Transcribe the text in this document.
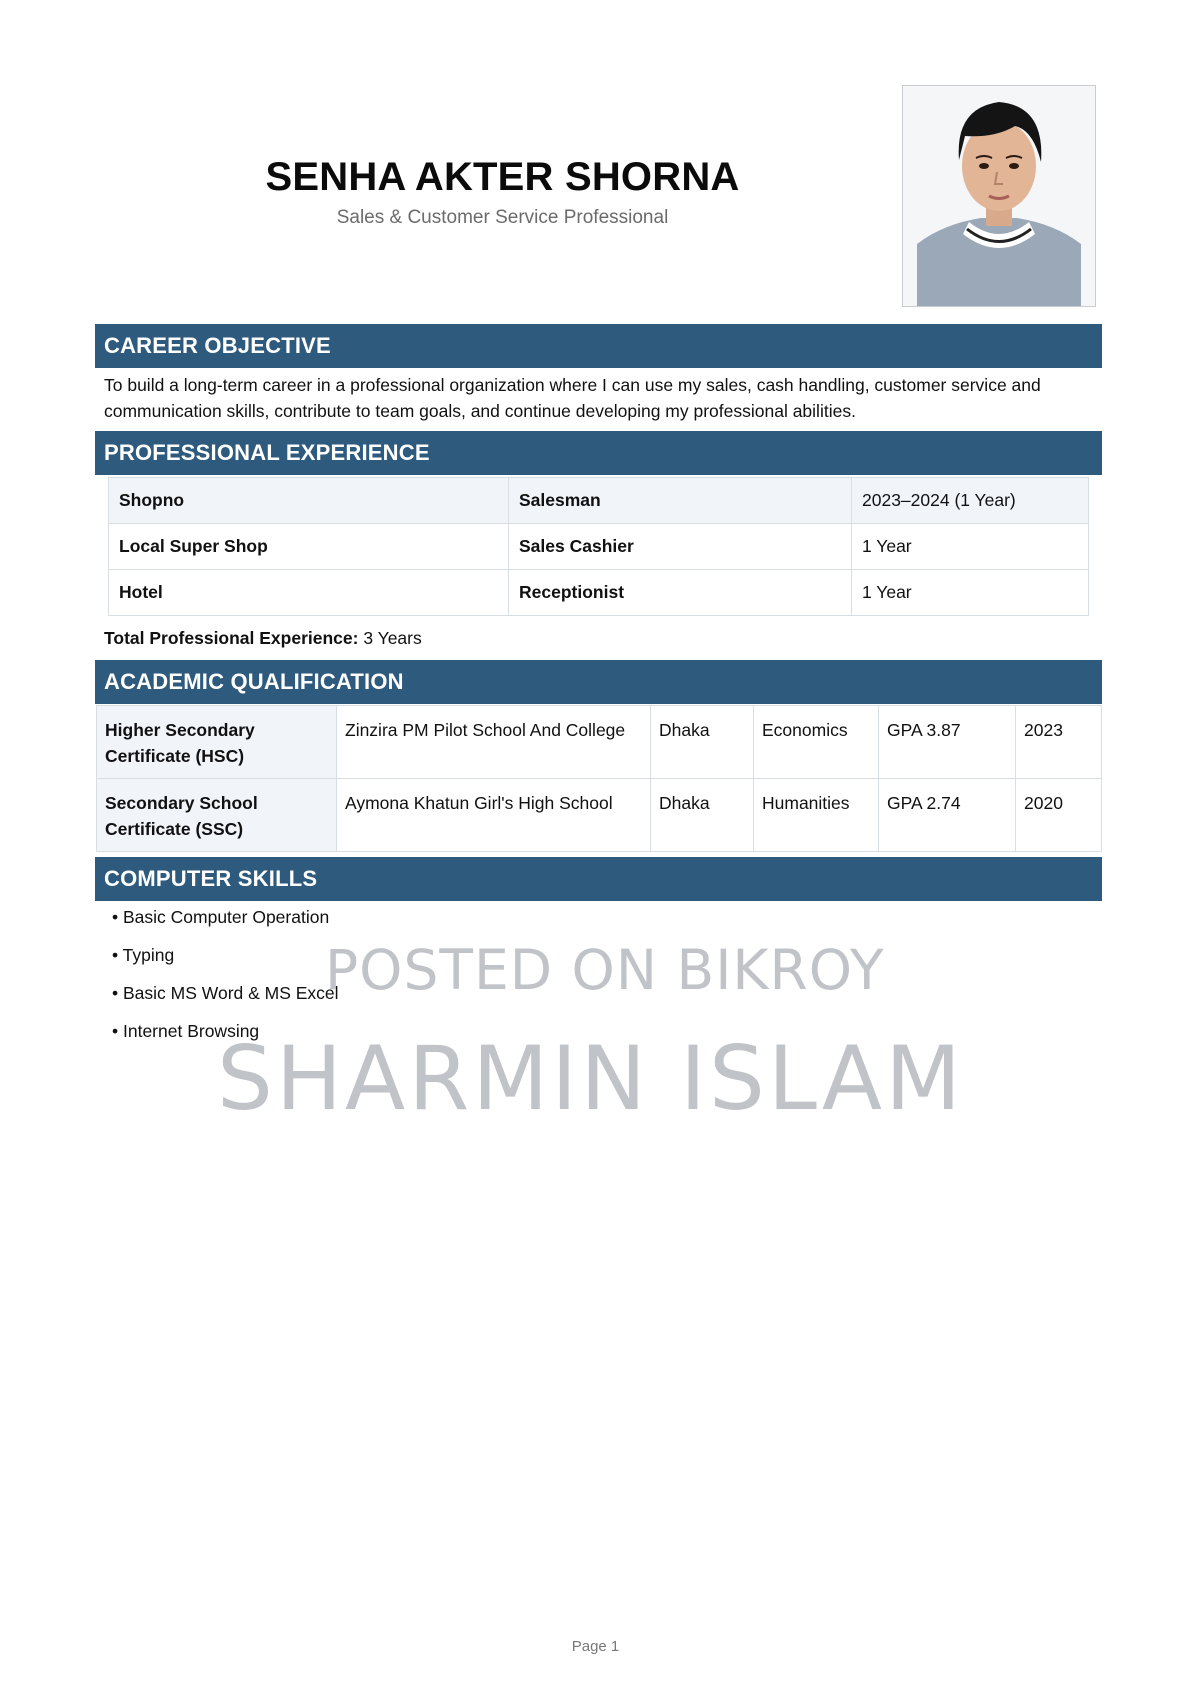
SENHA AKTER SHORNA
Sales & Customer Service Professional
CAREER OBJECTIVE
To build a long-term career in a professional organization where I can use my sales, cash handling, customer service and communication skills, contribute to team goals, and continue developing my professional abilities.
PROFESSIONAL EXPERIENCE
Shopno	Salesman	2023–2024 (1 Year)
Local Super Shop	Sales Cashier	1 Year
Hotel	Receptionist	1 Year
Total Professional Experience: 3 Years
ACADEMIC QUALIFICATION
Higher Secondary Certificate (HSC)	Zinzira PM Pilot School And College	Dhaka	Economics	GPA 3.87	2023
Secondary School Certificate (SSC)	Aymona Khatun Girl's High School	Dhaka	Humanities	GPA 2.74	2020
COMPUTER SKILLS
• Basic Computer Operation
• Typing
• Basic MS Word & MS Excel
• Internet Browsing
POSTED ON BIKROY
SHARMIN ISLAM
Page 1
